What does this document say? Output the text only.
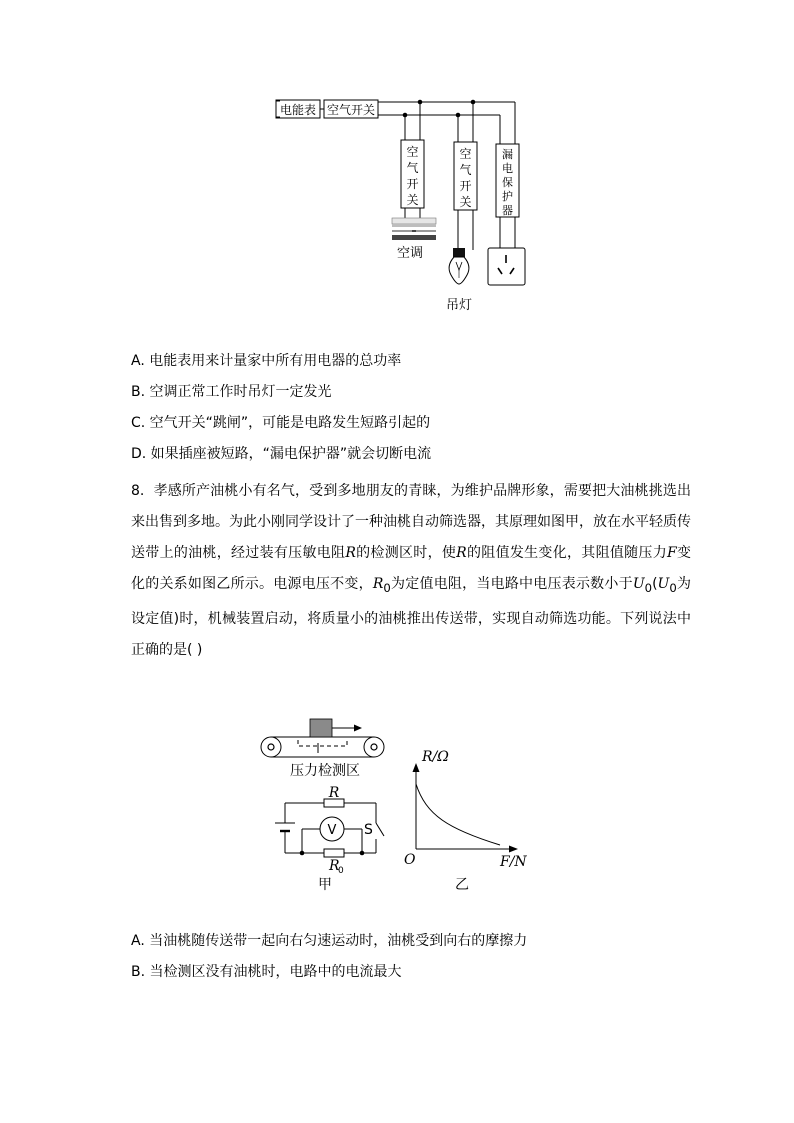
电能表 空气开关
空
气
开
关
空
气
开
关
漏
电
保
护
器
空调
吊灯
A. 电能表用来计量家中所有用电器的总功率
B. 空调正常工作时吊灯一定发光
C. 空气开关“跳闸”，可能是电路发生短路引起的
D. 如果插座被短路，“漏电保护器”就会切断电流
8. 孝感所产油桃小有名气，受到多地朋友的青睐，为维护品牌形象，需要把大油桃挑选出来出售到多地。为此小刚同学设计了一种油桃自动筛选器，其原理如图甲，放在水平轻质传送带上的油桃，经过装有压敏电阻R的检测区时，使R的阻值发生变化，其阻值随压力F变化的关系如图乙所示。电源电压不变，$R_0$为定值电阻，当电路中电压表示数小于$U_0(U_0$为设定值)时，机械装置启动，将质量小的油桃推出传送带，实现自动筛选功能。下列说法中正确的是( )
压力检测区
R
R
0
V S
甲	乙
R/Ω
F/N
O
A. 当油桃随传送带一起向右匀速运动时，油桃受到向右的摩擦力
B. 当检测区没有油桃时，电路中的电流最大
